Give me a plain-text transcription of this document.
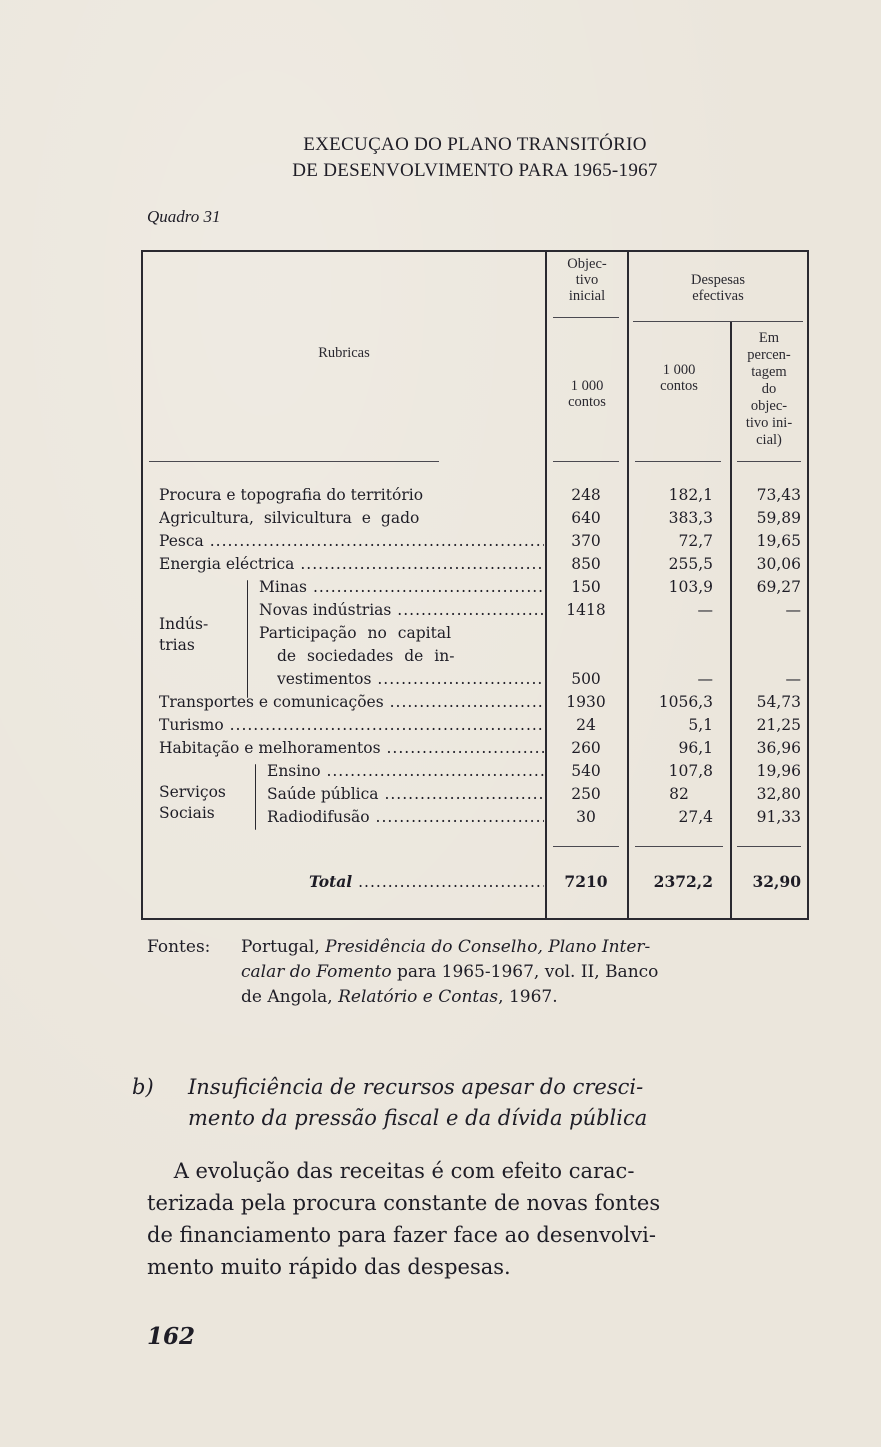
EXECUÇAO DO PLANO TRANSITÓRIO
DE DESENVOLVIMENTO PARA 1965-1967
Quadro 31
Rubricas
Objec-
tivo
inicial
1 000
contos
Despesas
efectivas
1 000
contos
Em
percen-
tagem
do
objec-
tivo ini-
cial)
Procura e topografia do território	248	182,1	73,43
Agricultura, silvicultura e gado	640	383,3	59,89
Pesca .....	370	72,7	19,65
Energia eléctrica .....	850	255,5	30,06
Indús-
trias
Minas .....	150	103,9	69,27
Novas indústrias .....	1418	—	—
Participação no capital
de sociedades de in-
vestimentos .....	500	—	—
Transportes e comunicações .....	1930	1056,3	54,73
Turismo .....	24	5,1	21,25
Habitação e melhoramentos .....	260	96,1	36,96
Serviços
Sociais
Ensino .....	540	107,8	19,96
Saúde pública .....	250	82	32,80
Radiodifusão .....	30	27,4	91,33
Total .....	7210	2372,2	32,90
Fontes: Portugal, Presidência do Conselho, Plano Inter-
calar do Fomento para 1965-1967, vol. II, Banco
de Angola, Relatório e Contas, 1967.
b) Insuficiência de recursos apesar do cresci-
mento da pressão fiscal e da dívida pública
A evolução das receitas é com efeito carac-
terizada pela procura constante de novas fontes
de financiamento para fazer face ao desenvolvi-
mento muito rápido das despesas.
162
